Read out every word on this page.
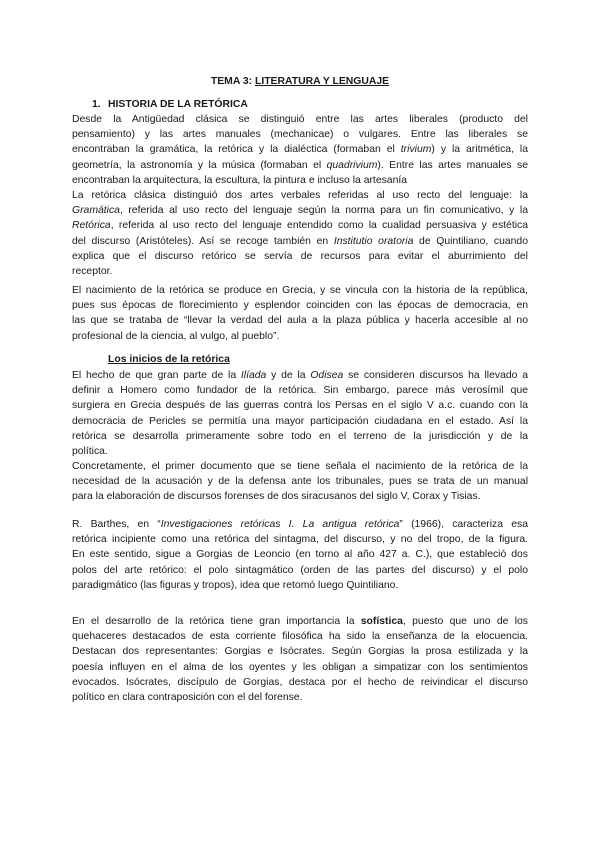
TEMA 3: LITERATURA Y LENGUAJE
1. HISTORIA DE LA RETÓRICA
Desde la Antigüedad clásica se distinguió entre las artes liberales (producto del
pensamiento) y las artes manuales (mechanicae) o vulgares. Entre las liberales se
encontraban la gramática, la retórica y la dialéctica (formaban el trivium) y la aritmética, la
geometría, la astronomía y la música (formaban el quadrivium). Entre las artes manuales se
encontraban la arquitectura, la escultura, la pintura e incluso la artesanía
La retórica clásica distinguió dos artes verbales referidas al uso recto del lenguaje: la
Gramática, referida al uso recto del lenguaje según la norma para un fin comunicativo, y la
Retórica, referida al uso recto del lenguaje entendido como la cualidad persuasiva y estética
del discurso (Aristóteles). Así se recoge también en Institutio oratoria de Quintiliano, cuando
explica que el discurso retórico se servía de recursos para evitar el aburrimiento del
receptor.
El nacimiento de la retórica se produce en Grecia, y se vincula con la historia de la república,
pues sus épocas de florecimiento y esplendor coinciden con las épocas de democracia, en
las que se trataba de “llevar la verdad del aula a la plaza pública y hacerla accesible al no
profesional de la ciencia, al vulgo, al pueblo”.
Los inicios de la retórica
El hecho de que gran parte de la Ilíada y de la Odisea se consideren discursos ha llevado a
definir a Homero como fundador de la retórica. Sin embargo, parece más verosímil que
surgiera en Grecia después de las guerras contra los Persas en el siglo V a.c. cuando con la
democracia de Pericles se permitía una mayor participación ciudadana en el estado. Así la
retórica se desarrolla primeramente sobre todo en el terreno de la jurisdicción y de la
política.
Concretamente, el primer documento que se tiene señala el nacimiento de la retórica de la
necesidad de la acusación y de la defensa ante los tribunales, pues se trata de un manual
para la elaboración de discursos forenses de dos siracusanos del siglo V, Corax y Tisias.
R. Barthes, en “Investigaciones retóricas I. La antigua retórica” (1966), caracteriza esa
retórica incipiente como una retórica del sintagma, del discurso, y no del tropo, de la figura.
En este sentido, sigue a Gorgias de Leoncio (en torno al año 427 a. C.), que estableció dos
polos del arte retórico: el polo sintagmático (orden de las partes del discurso) y el polo
paradigmático (las figuras y tropos), idea que retomó luego Quintiliano.
En el desarrollo de la retórica tiene gran importancia la sofística, puesto que uno de los
quehaceres destacados de esta corriente filosófica ha sido la enseñanza de la elocuencia.
Destacan dos representantes: Gorgias e Isócrates. Según Gorgias la prosa estilizada y la
poesía influyen en el alma de los oyentes y les obligan a simpatizar con los sentimientos
evocados. Isócrates, discípulo de Gorgias, destaca por el hecho de reivindicar el discurso
político en clara contraposición con el del forense.
